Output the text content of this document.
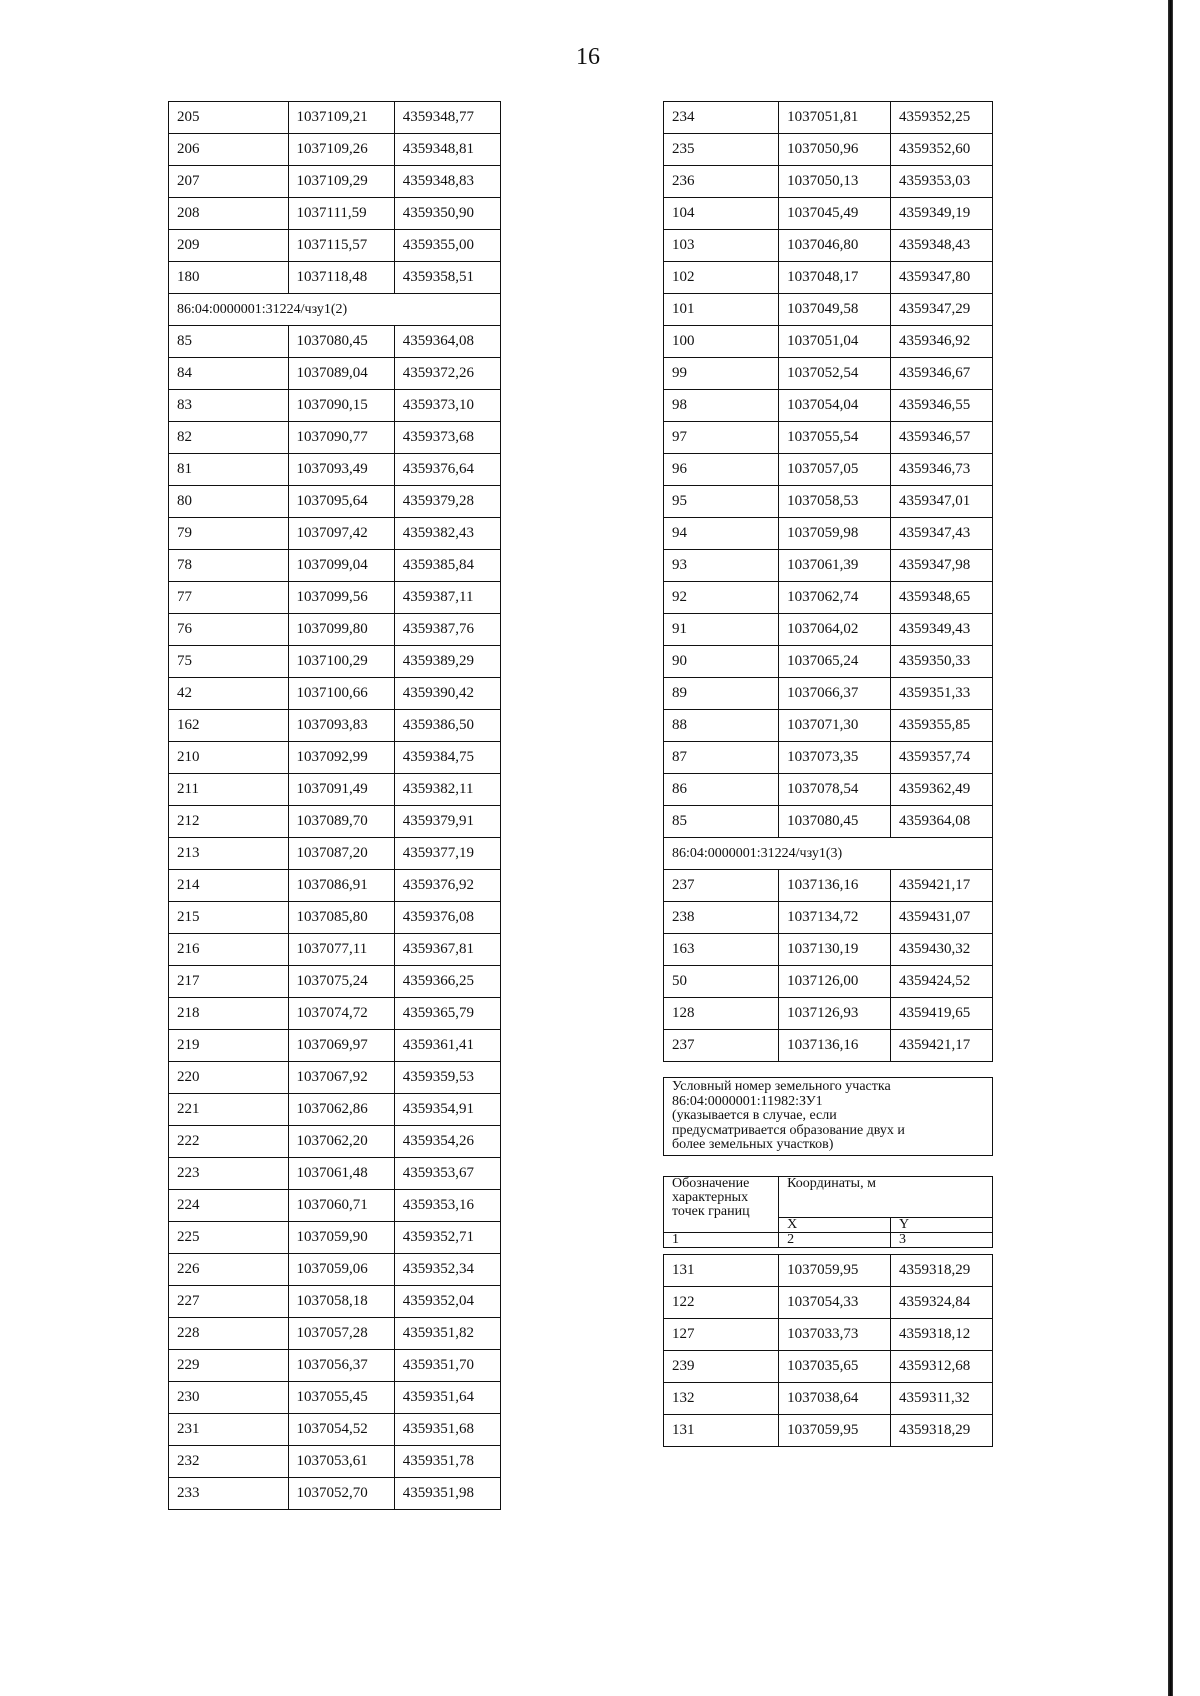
16
205	1037109,21	4359348,77
206	1037109,26	4359348,81
207	1037109,29	4359348,83
208	1037111,59	4359350,90
209	1037115,57	4359355,00
180	1037118,48	4359358,51
86:04:0000001:31224/чзу1(2)		
85	1037080,45	4359364,08
84	1037089,04	4359372,26
83	1037090,15	4359373,10
82	1037090,77	4359373,68
81	1037093,49	4359376,64
80	1037095,64	4359379,28
79	1037097,42	4359382,43
78	1037099,04	4359385,84
77	1037099,56	4359387,11
76	1037099,80	4359387,76
75	1037100,29	4359389,29
42	1037100,66	4359390,42
162	1037093,83	4359386,50
210	1037092,99	4359384,75
211	1037091,49	4359382,11
212	1037089,70	4359379,91
213	1037087,20	4359377,19
214	1037086,91	4359376,92
215	1037085,80	4359376,08
216	1037077,11	4359367,81
217	1037075,24	4359366,25
218	1037074,72	4359365,79
219	1037069,97	4359361,41
220	1037067,92	4359359,53
221	1037062,86	4359354,91
222	1037062,20	4359354,26
223	1037061,48	4359353,67
224	1037060,71	4359353,16
225	1037059,90	4359352,71
226	1037059,06	4359352,34
227	1037058,18	4359352,04
228	1037057,28	4359351,82
229	1037056,37	4359351,70
230	1037055,45	4359351,64
231	1037054,52	4359351,68
232	1037053,61	4359351,78
233	1037052,70	4359351,98
234	1037051,81	4359352,25
235	1037050,96	4359352,60
236	1037050,13	4359353,03
104	1037045,49	4359349,19
103	1037046,80	4359348,43
102	1037048,17	4359347,80
101	1037049,58	4359347,29
100	1037051,04	4359346,92
99	1037052,54	4359346,67
98	1037054,04	4359346,55
97	1037055,54	4359346,57
96	1037057,05	4359346,73
95	1037058,53	4359347,01
94	1037059,98	4359347,43
93	1037061,39	4359347,98
92	1037062,74	4359348,65
91	1037064,02	4359349,43
90	1037065,24	4359350,33
89	1037066,37	4359351,33
88	1037071,30	4359355,85
87	1037073,35	4359357,74
86	1037078,54	4359362,49
85	1037080,45	4359364,08
86:04:0000001:31224/чзу1(3)		
237	1037136,16	4359421,17
238	1037134,72	4359431,07
163	1037130,19	4359430,32
50	1037126,00	4359424,52
128	1037126,93	4359419,65
237	1037136,16	4359421,17
Условный номер земельного участка
86:04:0000001:11982:ЗУ1
(указывается в случае, если
предусматривается образование двух и
более земельных участков)
Обозначение
характерных
точек границ	Координаты, м	
	X	Y
1	2	3
131	1037059,95	4359318,29
122	1037054,33	4359324,84
127	1037033,73	4359318,12
239	1037035,65	4359312,68
132	1037038,64	4359311,32
131	1037059,95	4359318,29
